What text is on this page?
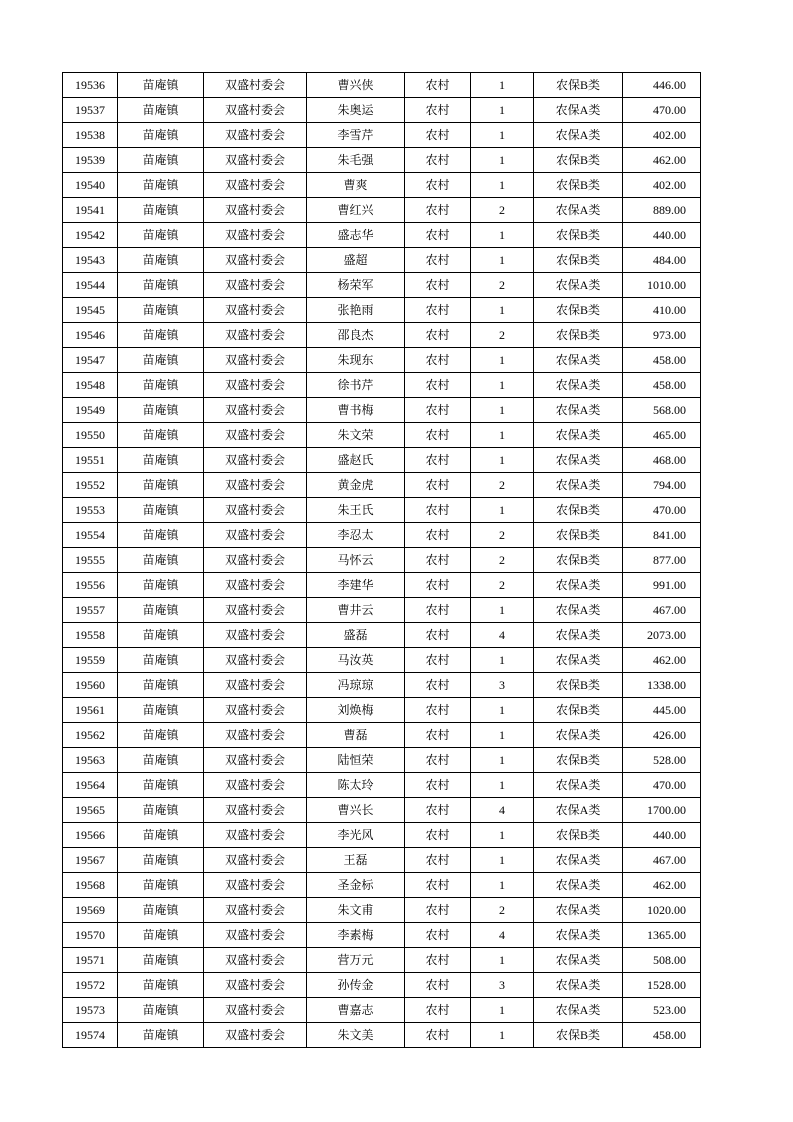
19536	苗庵镇	双盛村委会	曹兴侠	农村	1	农保B类	446.00
19537	苗庵镇	双盛村委会	朱奥运	农村	1	农保A类	470.00
19538	苗庵镇	双盛村委会	李雪芹	农村	1	农保A类	402.00
19539	苗庵镇	双盛村委会	朱毛强	农村	1	农保B类	462.00
19540	苗庵镇	双盛村委会	曹爽	农村	1	农保B类	402.00
19541	苗庵镇	双盛村委会	曹红兴	农村	2	农保A类	889.00
19542	苗庵镇	双盛村委会	盛志华	农村	1	农保B类	440.00
19543	苗庵镇	双盛村委会	盛超	农村	1	农保B类	484.00
19544	苗庵镇	双盛村委会	杨荣军	农村	2	农保A类	1010.00
19545	苗庵镇	双盛村委会	张艳雨	农村	1	农保B类	410.00
19546	苗庵镇	双盛村委会	邵良杰	农村	2	农保B类	973.00
19547	苗庵镇	双盛村委会	朱现东	农村	1	农保A类	458.00
19548	苗庵镇	双盛村委会	徐书芹	农村	1	农保A类	458.00
19549	苗庵镇	双盛村委会	曹书梅	农村	1	农保A类	568.00
19550	苗庵镇	双盛村委会	朱文荣	农村	1	农保A类	465.00
19551	苗庵镇	双盛村委会	盛赵氏	农村	1	农保A类	468.00
19552	苗庵镇	双盛村委会	黄金虎	农村	2	农保A类	794.00
19553	苗庵镇	双盛村委会	朱王氏	农村	1	农保B类	470.00
19554	苗庵镇	双盛村委会	李忍太	农村	2	农保B类	841.00
19555	苗庵镇	双盛村委会	马怀云	农村	2	农保B类	877.00
19556	苗庵镇	双盛村委会	李建华	农村	2	农保A类	991.00
19557	苗庵镇	双盛村委会	曹井云	农村	1	农保A类	467.00
19558	苗庵镇	双盛村委会	盛磊	农村	4	农保A类	2073.00
19559	苗庵镇	双盛村委会	马汝英	农村	1	农保A类	462.00
19560	苗庵镇	双盛村委会	冯琼琼	农村	3	农保B类	1338.00
19561	苗庵镇	双盛村委会	刘焕梅	农村	1	农保B类	445.00
19562	苗庵镇	双盛村委会	曹磊	农村	1	农保A类	426.00
19563	苗庵镇	双盛村委会	陆恒荣	农村	1	农保B类	528.00
19564	苗庵镇	双盛村委会	陈太玲	农村	1	农保A类	470.00
19565	苗庵镇	双盛村委会	曹兴长	农村	4	农保A类	1700.00
19566	苗庵镇	双盛村委会	李光风	农村	1	农保B类	440.00
19567	苗庵镇	双盛村委会	王磊	农村	1	农保A类	467.00
19568	苗庵镇	双盛村委会	圣金标	农村	1	农保A类	462.00
19569	苗庵镇	双盛村委会	朱文甫	农村	2	农保A类	1020.00
19570	苗庵镇	双盛村委会	李素梅	农村	4	农保A类	1365.00
19571	苗庵镇	双盛村委会	营万元	农村	1	农保A类	508.00
19572	苗庵镇	双盛村委会	孙传金	农村	3	农保A类	1528.00
19573	苗庵镇	双盛村委会	曹嘉志	农村	1	农保A类	523.00
19574	苗庵镇	双盛村委会	朱文美	农村	1	农保B类	458.00
